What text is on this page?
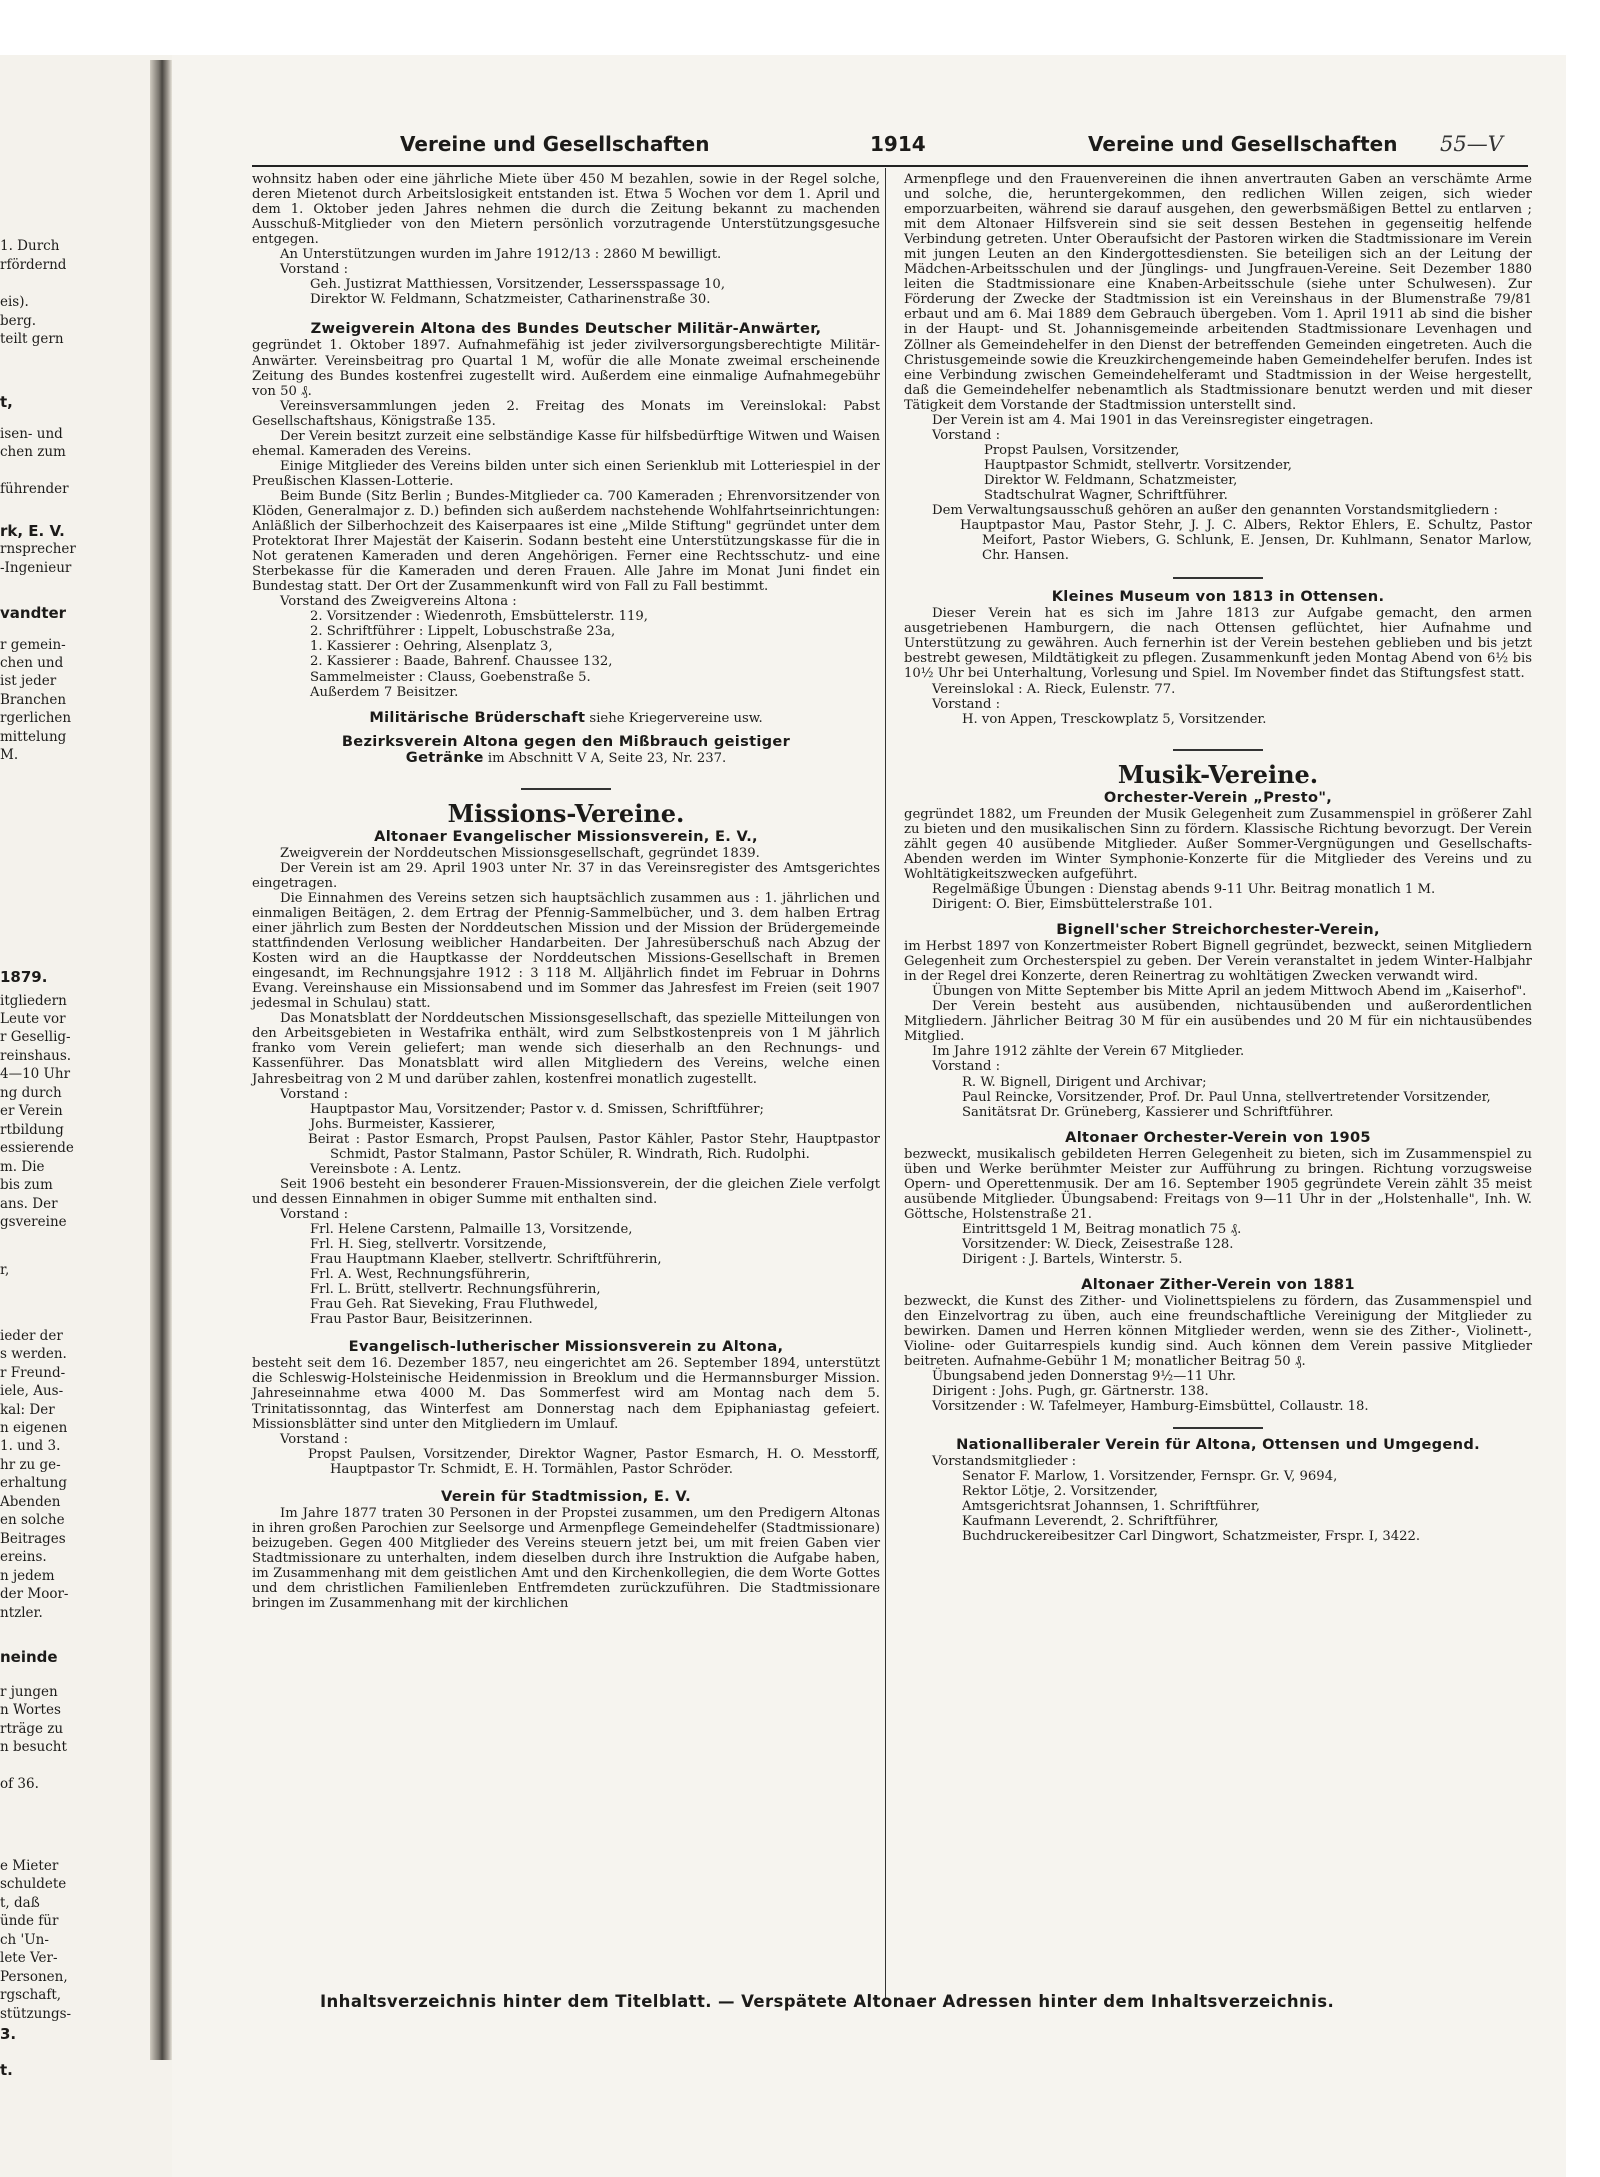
1. Durch
rfördernd
eis).
berg.
teilt gern
t,
isen- und
chen zum
führender
rk, E. V.
rnsprecher
-Ingenieur
vandter
r gemein-
chen und
ist jeder
Branchen
rgerlichen
mittelung
M.
1879.
itgliedern
Leute vor
r Gesellig-
reinshaus.
4—10 Uhr
ng durch
er Verein
rtbildung
essierende
m. Die
bis zum
ans. Der
gsvereine
r,
ieder der
s werden.
r Freund-
iele, Aus-
kal: Der
n eigenen
1. und 3.
hr zu ge-
erhaltung
Abenden
en solche
Beitrages
ereins.
n jedem
der Moor-
ntzler.
neinde
r jungen
n Wortes
rträge zu
n besucht
of 36.
e Mieter
schuldete
t, daß
ünde für
ch 'Un-
lete Ver-
Personen,
rgschaft,
stützungs-
3.
t.
Vereine und Gesellschaften	1914	Vereine und Gesellschaften 55—V

wohnsitz haben oder eine jährliche Miete über 450 M bezahlen, sowie in der Regel solche, deren Mietenot durch Arbeitslosigkeit entstanden ist. Etwa 5 Wochen vor dem 1. April und dem 1. Oktober jeden Jahres nehmen die durch die Zeitung bekannt zu machenden Ausschuß-Mitglieder von den Mietern persönlich vorzutragende Unterstützungsgesuche entgegen.

An Unterstützungen wurden im Jahre 1912/13 : 2860 M bewilligt.

Vorstand :

Geh. Justizrat Matthiessen, Vorsitzender, Lessersspassage 10,

Direktor W. Feldmann, Schatzmeister, Catharinenstraße 30.

Zweigverein Altona des Bundes Deutscher Militär-Anwärter,

gegründet 1. Oktober 1897. Aufnahmefähig ist jeder zivilversorgungsberechtigte Militär-Anwärter. Vereinsbeitrag pro Quartal 1 M, wofür die alle Monate zweimal erscheinende Zeitung des Bundes kostenfrei zugestellt wird. Außerdem eine einmalige Aufnahmegebühr von 50 ₰.

Vereinsversammlungen jeden 2. Freitag des Monats im Vereinslokal: Pabst Gesellschaftshaus, Königstraße 135.

Der Verein besitzt zurzeit eine selbständige Kasse für hilfsbedürftige Witwen und Waisen ehemal. Kameraden des Vereins.

Einige Mitglieder des Vereins bilden unter sich einen Serienklub mit Lotteriespiel in der Preußischen Klassen-Lotterie.

Beim Bunde (Sitz Berlin ; Bundes-Mitglieder ca. 700 Kameraden ; Ehrenvorsitzender von Klöden, Generalmajor z. D.) befinden sich außerdem nachstehende Wohlfahrtseinrichtungen: Anläßlich der Silberhochzeit des Kaiserpaares ist eine „Milde Stiftung" gegründet unter dem Protektorat Ihrer Majestät der Kaiserin. Sodann besteht eine Unterstützungskasse für die in Not geratenen Kameraden und deren Angehörigen. Ferner eine Rechtsschutz- und eine Sterbekasse für die Kameraden und deren Frauen. Alle Jahre im Monat Juni findet ein Bundestag statt. Der Ort der Zusammenkunft wird von Fall zu Fall bestimmt.

Vorstand des Zweigvereins Altona :

2. Vorsitzender : Wiedenroth, Emsbüttelerstr. 119,

2. Schriftführer : Lippelt, Lobuschstraße 23a,

1. Kassierer : Oehring, Alsenplatz 3,

2. Kassierer : Baade, Bahrenf. Chaussee 132,

Sammelmeister : Clauss, Goebenstraße 5.

Außerdem 7 Beisitzer.

Militärische Brüderschaft siehe Kriegervereine usw.

Bezirksverein Altona gegen den Mißbrauch geistiger
Getränke im Abschnitt V A, Seite 23, Nr. 237.

Missions-Vereine.
Altonaer Evangelischer Missionsverein, E. V.,

Zweigverein der Norddeutschen Missionsgesellschaft, gegründet 1839.

Der Verein ist am 29. April 1903 unter Nr. 37 in das Vereinsregister des Amtsgerichtes eingetragen.

Die Einnahmen des Vereins setzen sich hauptsächlich zusammen aus : 1. jährlichen und einmaligen Beitägen, 2. dem Ertrag der Pfennig-Sammelbücher, und 3. dem halben Ertrag einer jährlich zum Besten der Norddeutschen Mission und der Mission der Brüdergemeinde stattfindenden Verlosung weiblicher Handarbeiten. Der Jahresüberschuß nach Abzug der Kosten wird an die Hauptkasse der Norddeutschen Missions-Gesellschaft in Bremen eingesandt, im Rechnungsjahre 1912 : 3 118 M. Alljährlich findet im Februar in Dohrns Evang. Vereinshause ein Missionsabend und im Sommer das Jahresfest im Freien (seit 1907 jedesmal in Schulau) statt.

Das Monatsblatt der Norddeutschen Missionsgesellschaft, das spezielle Mitteilungen von den Arbeitsgebieten in Westafrika enthält, wird zum Selbstkostenpreis von 1 M jährlich franko vom Verein geliefert; man wende sich dieserhalb an den Rechnungs- und Kassenführer. Das Monatsblatt wird allen Mitgliedern des Vereins, welche einen Jahresbeitrag von 2 M und darüber zahlen, kostenfrei monatlich zugestellt.

Vorstand :

Hauptpastor Mau, Vorsitzender; Pastor v. d. Smissen, Schriftführer;

Johs. Burmeister, Kassierer,

Beirat : Pastor Esmarch, Propst Paulsen, Pastor Kähler, Pastor Stehr, Hauptpastor Schmidt, Pastor Stalmann, Pastor Schüler, R. Windrath, Rich. Rudolphi.

Vereinsbote : A. Lentz.

Seit 1906 besteht ein besonderer Frauen-Missionsverein, der die gleichen Ziele verfolgt und dessen Einnahmen in obiger Summe mit enthalten sind.

Vorstand :

Frl. Helene Carstenn, Palmaille 13, Vorsitzende,

Frl. H. Sieg, stellvertr. Vorsitzende,

Frau Hauptmann Klaeber, stellvertr. Schriftführerin,

Frl. A. West, Rechnungsführerin,

Frl. L. Brütt, stellvertr. Rechnungsführerin,

Frau Geh. Rat Sieveking, Frau Fluthwedel,

Frau Pastor Baur, Beisitzerinnen.

Evangelisch-lutherischer Missionsverein zu Altona,

besteht seit dem 16. Dezember 1857, neu eingerichtet am 26. September 1894, unterstützt die Schleswig-Holsteinische Heidenmission in Breoklum und die Hermannsburger Mission. Jahreseinnahme etwa 4000 M. Das Sommerfest wird am Montag nach dem 5. Trinitatissonntag, das Winterfest am Donnerstag nach dem Epiphaniastag gefeiert. Missionsblätter sind unter den Mitgliedern im Umlauf.

Vorstand :

Propst Paulsen, Vorsitzender, Direktor Wagner, Pastor Esmarch, H. O. Messtorff, Hauptpastor Tr. Schmidt, E. H. Tormählen, Pastor Schröder.

Verein für Stadtmission, E. V.

Im Jahre 1877 traten 30 Personen in der Propstei zusammen, um den Predigern Altonas in ihren großen Parochien zur Seelsorge und Armenpflege Gemeindehelfer (Stadtmissionare) beizugeben. Gegen 400 Mitglieder des Vereins steuern jetzt bei, um mit freien Gaben vier Stadtmissionare zu unterhalten, indem dieselben durch ihre Instruktion die Aufgabe haben, im Zusammenhang mit dem geistlichen Amt und den Kirchenkollegien, die dem Worte Gottes und dem christlichen Familienleben Entfremdeten zurückzuführen. Die Stadtmissionare bringen im Zusammenhang mit der kirchlichen

Armenpflege und den Frauenvereinen die ihnen anvertrauten Gaben an verschämte Arme und solche, die, heruntergekommen, den redlichen Willen zeigen, sich wieder emporzuarbeiten, während sie darauf ausgehen, den gewerbsmäßigen Bettel zu entlarven ; mit dem Altonaer Hilfsverein sind sie seit dessen Bestehen in gegenseitig helfende Verbindung getreten. Unter Oberaufsicht der Pastoren wirken die Stadtmissionare im Verein mit jungen Leuten an den Kindergottesdiensten. Sie beteiligen sich an der Leitung der Mädchen-Arbeitsschulen und der Jünglings- und Jungfrauen-Vereine. Seit Dezember 1880 leiten die Stadtmissionare eine Knaben-Arbeitsschule (siehe unter Schulwesen). Zur Förderung der Zwecke der Stadtmission ist ein Vereinshaus in der Blumenstraße 79/81 erbaut und am 6. Mai 1889 dem Gebrauch übergeben. Vom 1. April 1911 ab sind die bisher in der Haupt- und St. Johannisgemeinde arbeitenden Stadtmissionare Levenhagen und Zöllner als Gemeindehelfer in den Dienst der betreffenden Gemeinden eingetreten. Auch die Christusgemeinde sowie die Kreuzkirchengemeinde haben Gemeindehelfer berufen. Indes ist eine Verbindung zwischen Gemeindehelferamt und Stadtmission in der Weise hergestellt, daß die Gemeindehelfer nebenamtlich als Stadtmissionare benutzt werden und mit dieser Tätigkeit dem Vorstande der Stadtmission unterstellt sind.

Der Verein ist am 4. Mai 1901 in das Vereinsregister eingetragen.

Vorstand :

Propst Paulsen, Vorsitzender,

Hauptpastor Schmidt, stellvertr. Vorsitzender,

Direktor W. Feldmann, Schatzmeister,

Stadtschulrat Wagner, Schriftführer.

Dem Verwaltungsausschuß gehören an außer den genannten Vorstandsmitgliedern :

Hauptpastor Mau, Pastor Stehr, J. J. C. Albers, Rektor Ehlers, E. Schultz, Pastor Meifort, Pastor Wiebers, G. Schlunk, E. Jensen, Dr. Kuhlmann, Senator Marlow, Chr. Hansen.

Kleines Museum von 1813 in Ottensen.

Dieser Verein hat es sich im Jahre 1813 zur Aufgabe gemacht, den armen ausgetriebenen Hamburgern, die nach Ottensen geflüchtet, hier Aufnahme und Unterstützung zu gewähren. Auch fernerhin ist der Verein bestehen geblieben und bis jetzt bestrebt gewesen, Mildtätigkeit zu pflegen. Zusammenkunft jeden Montag Abend von 6½ bis 10½ Uhr bei Unterhaltung, Vorlesung und Spiel. Im November findet das Stiftungsfest statt.

Vereinslokal : A. Rieck, Eulenstr. 77.

Vorstand :

H. von Appen, Tresckowplatz 5, Vorsitzender.

Musik-Vereine.
Orchester-Verein „Presto",

gegründet 1882, um Freunden der Musik Gelegenheit zum Zusammenspiel in größerer Zahl zu bieten und den musikalischen Sinn zu fördern. Klassische Richtung bevorzugt. Der Verein zählt gegen 40 ausübende Mitglieder. Außer Sommer-Vergnügungen und Gesellschafts-Abenden werden im Winter Symphonie-Konzerte für die Mitglieder des Vereins und zu Wohltätigkeitszwecken aufgeführt.

Regelmäßige Übungen : Dienstag abends 9-11 Uhr. Beitrag monatlich 1 M.

Dirigent: O. Bier, Eimsbüttelerstraße 101.

Bignell'scher Streichorchester-Verein,

im Herbst 1897 von Konzertmeister Robert Bignell gegründet, bezweckt, seinen Mitgliedern Gelegenheit zum Orchesterspiel zu geben. Der Verein veranstaltet in jedem Winter-Halbjahr in der Regel drei Konzerte, deren Reinertrag zu wohltätigen Zwecken verwandt wird.

Übungen von Mitte September bis Mitte April an jedem Mittwoch Abend im „Kaiserhof".

Der Verein besteht aus ausübenden, nichtausübenden und außerordentlichen Mitgliedern. Jährlicher Beitrag 30 M für ein ausübendes und 20 M für ein nichtausübendes Mitglied.

Im Jahre 1912 zählte der Verein 67 Mitglieder.

Vorstand :

R. W. Bignell, Dirigent und Archivar;

Paul Reincke, Vorsitzender, Prof. Dr. Paul Unna, stellvertretender Vorsitzender,

Sanitätsrat Dr. Grüneberg, Kassierer und Schriftführer.

Altonaer Orchester-Verein von 1905

bezweckt, musikalisch gebildeten Herren Gelegenheit zu bieten, sich im Zusammenspiel zu üben und Werke berühmter Meister zur Aufführung zu bringen. Richtung vorzugsweise Opern- und Operettenmusik. Der am 16. September 1905 gegründete Verein zählt 35 meist ausübende Mitglieder. Übungsabend: Freitags von 9—11 Uhr in der „Holstenhalle", Inh. W. Göttsche, Holstenstraße 21.

Eintrittsgeld 1 M, Beitrag monatlich 75 ₰.

Vorsitzender: W. Dieck, Zeisestraße 128.

Dirigent : J. Bartels, Winterstr. 5.

Altonaer Zither-Verein von 1881

bezweckt, die Kunst des Zither- und Violinettspielens zu fördern, das Zusammenspiel und den Einzelvortrag zu üben, auch eine freundschaftliche Vereinigung der Mitglieder zu bewirken. Damen und Herren können Mitglieder werden, wenn sie des Zither-, Violinett-, Violine- oder Guitarrespiels kundig sind. Auch können dem Verein passive Mitglieder beitreten. Aufnahme-Gebühr 1 M; monatlicher Beitrag 50 ₰.

Übungsabend jeden Donnerstag 9½—11 Uhr.

Dirigent : Johs. Pugh, gr. Gärtnerstr. 138.

Vorsitzender : W. Tafelmeyer, Hamburg-Eimsbüttel, Collaustr. 18.

Nationalliberaler Verein für Altona, Ottensen und Umgegend.

Vorstandsmitglieder :

Senator F. Marlow, 1. Vorsitzender, Fernspr. Gr. V, 9694,

Rektor Lötje, 2. Vorsitzender,

Amtsgerichtsrat Johannsen, 1. Schriftführer,

Kaufmann Leverendt, 2. Schriftführer,

Buchdruckereibesitzer Carl Dingwort, Schatzmeister, Frspr. I, 3422.

Inhaltsverzeichnis hinter dem Titelblatt. — Verspätete Altonaer Adressen hinter dem Inhaltsverzeichnis.
